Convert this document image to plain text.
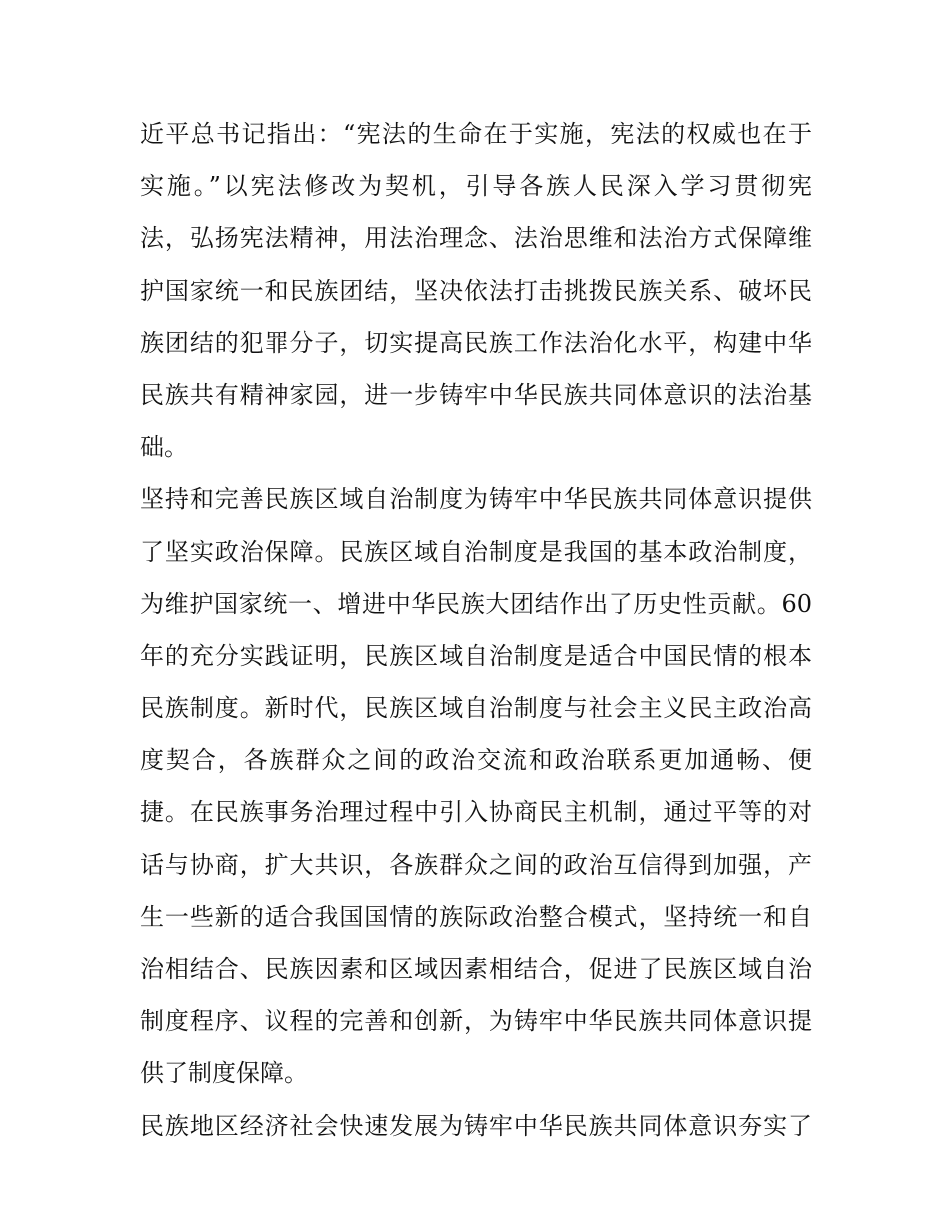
近平总书记指出：“宪法的生命在于实施，宪法的权威也在于
实施。”以宪法修改为契机，引导各族人民深入学习贯彻宪
法，弘扬宪法精神，用法治理念、法治思维和法治方式保障维
护国家统一和民族团结，坚决依法打击挑拨民族关系、破坏民
族团结的犯罪分子，切实提高民族工作法治化水平，构建中华
民族共有精神家园，进一步铸牢中华民族共同体意识的法治基
础。
坚持和完善民族区域自治制度为铸牢中华民族共同体意识提供
了坚实政治保障。民族区域自治制度是我国的基本政治制度，
为维护国家统一、增进中华民族大团结作出了历史性贡献。60
年的充分实践证明，民族区域自治制度是适合中国民情的根本
民族制度。新时代，民族区域自治制度与社会主义民主政治高
度契合，各族群众之间的政治交流和政治联系更加通畅、便
捷。在民族事务治理过程中引入协商民主机制，通过平等的对
话与协商，扩大共识，各族群众之间的政治互信得到加强，产
生一些新的适合我国国情的族际政治整合模式，坚持统一和自
治相结合、民族因素和区域因素相结合，促进了民族区域自治
制度程序、议程的完善和创新，为铸牢中华民族共同体意识提
供了制度保障。
民族地区经济社会快速发展为铸牢中华民族共同体意识夯实了
